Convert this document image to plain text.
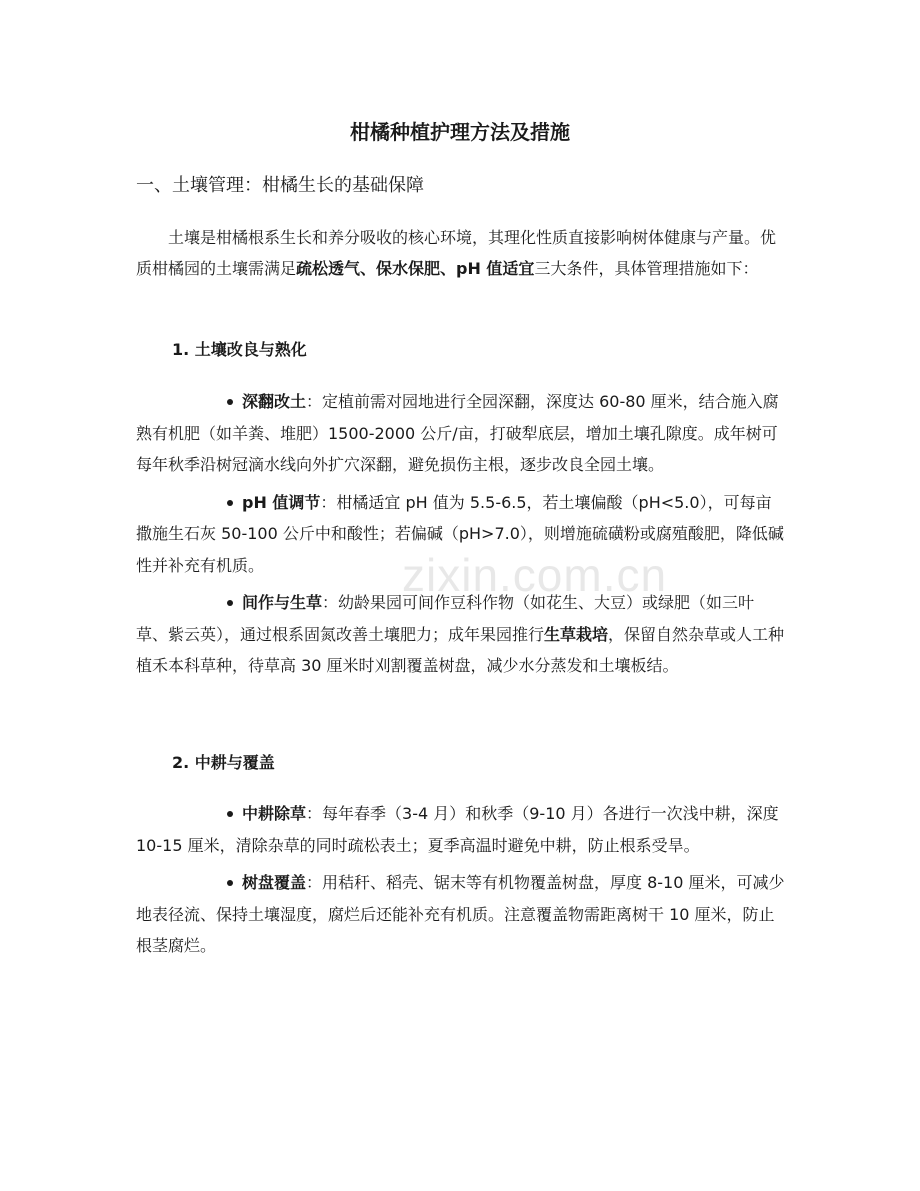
柑橘种植护理方法及措施
一、土壤管理：柑橘生长的基础保障

土壤是柑橘根系生长和养分吸收的核心环境，其理化性质直接影响树体健康与产量。优质柑橘园的土壤需满足疏松透气、保水保肥、pH 值适宜三大条件，具体管理措施如下：

1. 土壤改良与熟化
深翻改土：定植前需对园地进行全园深翻，深度达 60-80 厘米，结合施入腐熟有机肥（如羊粪、堆肥）1500-2000 公斤/亩，打破犁底层，增加土壤孔隙度。成年树可每年秋季沿树冠滴水线向外扩穴深翻，避免损伤主根，逐步改良全园土壤。
pH 值调节：柑橘适宜 pH 值为 5.5-6.5，若土壤偏酸（pH<5.0），可每亩撒施生石灰 50-100 公斤中和酸性；若偏碱（pH>7.0），则增施硫磺粉或腐殖酸肥，降低碱性并补充有机质。
间作与生草：幼龄果园可间作豆科作物（如花生、大豆）或绿肥（如三叶草、紫云英），通过根系固氮改善土壤肥力；成年果园推行生草栽培，保留自然杂草或人工种植禾本科草种，待草高 30 厘米时刈割覆盖树盘，减少水分蒸发和土壤板结。
2. 中耕与覆盖
中耕除草：每年春季（3-4 月）和秋季（9-10 月）各进行一次浅中耕，深度 10-15 厘米，清除杂草的同时疏松表土；夏季高温时避免中耕，防止根系受旱。
树盘覆盖：用秸秆、稻壳、锯末等有机物覆盖树盘，厚度 8-10 厘米，可减少地表径流、保持土壤湿度，腐烂后还能补充有机质。注意覆盖物需距离树干 10 厘米，防止根茎腐烂。
zixin.com.cn
